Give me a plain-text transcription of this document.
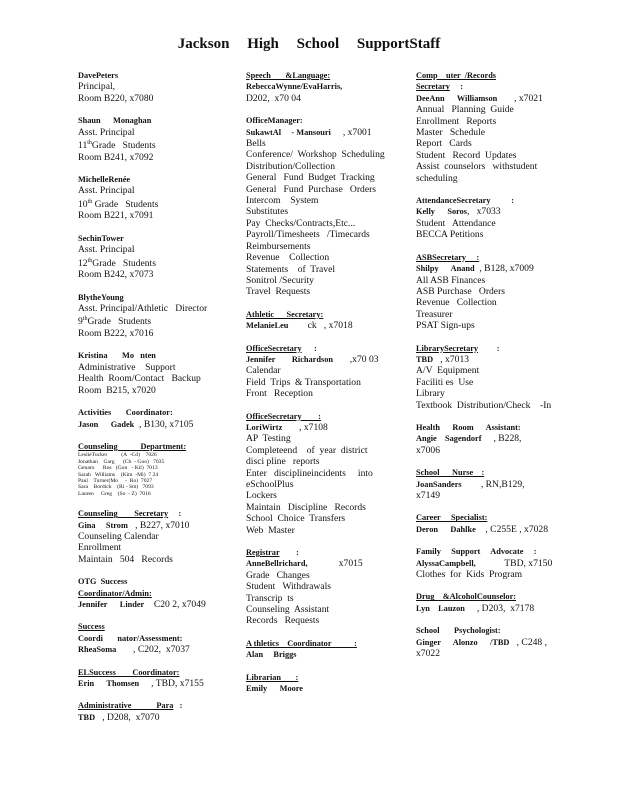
Jackson High School SupportStaff
DavePeters
Principal,
Room B220, x7080
Shaun      Monaghan
Asst. Principal
11thGrade   Students
Room B241, x7092
MichelleRenée
Asst. Principal
10th Grade   Students
Room B221, x7091
SechinTower
Asst. Principal
12thGrade   Students
Room B242, x7073
BlytheYoung
Asst. Principal/Athletic   Director
9thGrade   Students
Room B222, x7016
Kristina       Mo   nten
Administrative    Support
Health  Room/Contact   Backup
Room  B215, x7020
Activities       Coordinator:
Jason      Gadek  , B130, x7105
Counseling           Department:
LeslieTucker          (A  -Cd)    7026
Jonathan    Garg      (Ch  - Goo)   7035
Genaro      Ros   (Gon   - Kil)  7013
Sarah   Williams    (Kim  -Mi)  7 24
Paul    Turner(Mo     -  Ro)  7027
Sara    Bordick    (Ri - Sm)   7093
Lauren     Greg    (So  - Z)  7016
Counseling        Secretary     :
Gina     Strom   , B227, x7010
Counseling Calendar
Enrollment
Maintain   504   Records
OTG  Success
Coordinator/Admin:
Jennifer      Linder    C20 2, x7049
Success
Coordi       nator/Assessment:
RheaSoma       , C202,  x7037
ELSuccess        Coordinator:
Erin      Thomsen     , TBD, x7155
Administrative            Para   :
TBD   , D208,  x7070
Speech       &Language:
RebeccaWynne/EvaHarris,
D202,  x70 04
OfficeManager:
SukawtAl     - Mansouri     , x7001
Bells
Conference/  Workshop  Scheduling
Distribution/Collection
General   Fund  Budget  Tracking
General   Fund  Purchase   Orders
Intercom    System
Substitutes
Pay  Checks/Contracts,Etc...
Payroll/Timesheets   /Timecards
Reimbursements
Revenue    Collection
Statements    of  Travel
Sonitrol /Security
Travel  Requests
Athletic      Secretary:
MelanieLeu        ck   , x7018
OfficeSecretary      :
Jennifer        Richardson       ,x70 03
Calendar
Field  Trips  & Transportation
Front   Reception
OfficeSecretary        :
LoriWirtz       , x7108
AP  Testing
Completeend    of  year  district
disci pline   reports
Enter   disciplineincidents     into
eSchoolPlus
Lockers
Maintain   Discipline   Records
School  Choice  Transfers
Web  Master
Registrar        :
AnneBellrichard,             x7015
Grade   Changes
Student   Withdrawals
Transcrip  ts
Counseling  Assistant
Records   Requests
A thletics    Coordinator           :
Alan     Briggs
Librarian       :
Emily      Moore
Comp    uter  /Records
Secretary     :
DeeAnn      Williamson       , x7021
Annual   Planning  Guide
Enrollment   Reports
Master   Schedule
Report   Cards
Student   Record  Updates
Assist  counselors   withstudent
scheduling
AttendanceSecretary          :
Kelly      Soros,   x7033
Student   Attendance
BECCA Petitions
ASBSecretary     :
Shilpy      Anand  , B128, x7009
All ASB Finances
ASB Purchase   Orders
Revenue   Collection
Treasurer
PSAT Sign-ups
LibrarySecretary         :
TBD   , x7013
A/V  Equipment
Faciliti es  Use
Library
Textbook  Distribution/Check    -In
Health      Room      Assistant:
Angie    Sagendorf     , B228,
x7006
School      Nurse    :
JoanSanders        , RN,B129,
x7149
Career     Specialist:
Deron      Dahlke    , C255E , x7028
Family     Support     Advocate     :
AlyssaCampbell,            TBD, x7150
Clothes  for  Kids  Program
Drug    &AlcoholCounselor:
Lyn    Lauzon     , D203,  x7178
School       Psychologist:
Ginger      Alonzo      /TBD   , C248 ,
x7022
